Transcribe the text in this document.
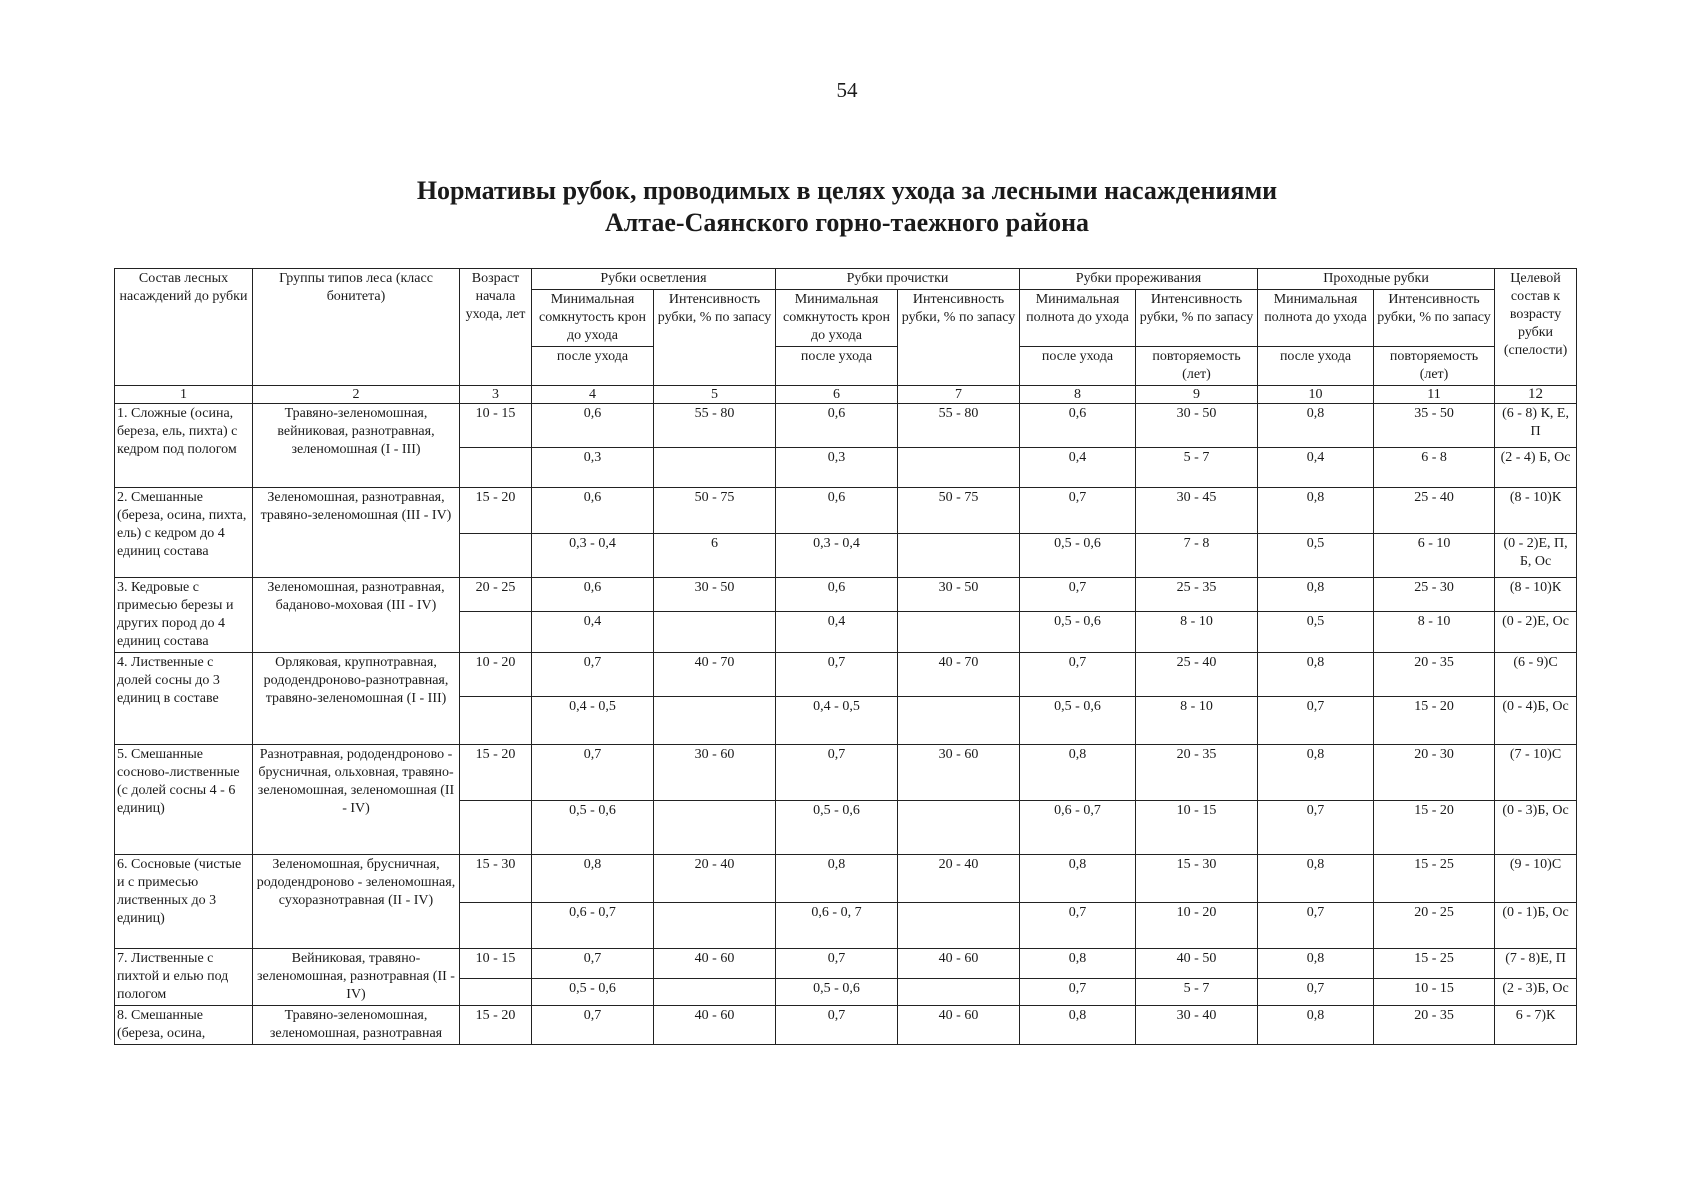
54
Нормативы рубок, проводимых в целях ухода за лесными насаждениями
Алтае-Саянского горно-таежного района
Состав лесных насаждений до рубки	Группы типов леса (класс бонитета)	Возраст начала ухода, лет	Рубки осветления		Рубки прочистки		Рубки прореживания		Проходные рубки		Целевой состав к возрасту рубки (спелости)
			Минимальная сомкнутость крон до ухода	Интенсивность рубки, % по запасу	Минимальная сомкнутость крон до ухода	Интенсивность рубки, % по запасу	Минимальная полнота до ухода	Интенсивность рубки, % по запасу	Минимальная полнота до ухода	Интенсивность рубки, % по запасу	
			после ухода		после ухода		после ухода	повторяемость (лет)	после ухода	повторяемость (лет)	
1	2	3	4	5	6	7	8	9	10	11	12
1. Сложные (осина, береза, ель, пихта) с кедром под пологом	Травяно-зеленомошная, вейниковая, разнотравная, зеленомошная (I - III)	10 - 15	0,6	55 - 80	0,6	55 - 80	0,6	30 - 50	0,8	35 - 50	(6 - 8) К, Е, П
			0,3		0,3		0,4	5 - 7	0,4	6 - 8	(2 - 4) Б, Ос
2. Смешанные (береза, осина, пихта, ель) с кедром до 4 единиц состава	Зеленомошная, разнотравная, травяно-зеленомошная (III - IV)	15 - 20	0,6	50 - 75	0,6	50 - 75	0,7	30 - 45	0,8	25 - 40	(8 - 10)К
			0,3 - 0,4	6	0,3 - 0,4		0,5 - 0,6	7 - 8	0,5	6 - 10	(0 - 2)Е, П, Б, Ос
3. Кедровые с примесью березы и других пород до 4 единиц состава	Зеленомошная, разнотравная, баданово-моховая (III - IV)	20 - 25	0,6	30 - 50	0,6	30 - 50	0,7	25 - 35	0,8	25 - 30	(8 - 10)К
			0,4		0,4		0,5 - 0,6	8 - 10	0,5	8 - 10	(0 - 2)Е, Ос
4. Лиственные с долей сосны до 3 единиц в составе	Орляковая, крупнотравная, рододендроново-разнотравная, травяно-зеленомошная (I - III)	10 - 20	0,7	40 - 70	0,7	40 - 70	0,7	25 - 40	0,8	20 - 35	(6 - 9)С
			0,4 - 0,5		0,4 - 0,5		0,5 - 0,6	8 - 10	0,7	15 - 20	(0 - 4)Б, Ос
5. Смешанные сосново-лиственные (с долей сосны 4 - 6 единиц)	Разнотравная, рододендроново - брусничная, ольховная, травяно-зеленомошная, зеленомошная (II - IV)	15 - 20	0,7	30 - 60	0,7	30 - 60	0,8	20 - 35	0,8	20 - 30	(7 - 10)С
			0,5 - 0,6		0,5 - 0,6		0,6 - 0,7	10 - 15	0,7	15 - 20	(0 - 3)Б, Ос
6. Сосновые (чистые и с примесью лиственных до 3 единиц)	Зеленомошная, брусничная, рододендроново - зеленомошная, сухоразнотравная (II - IV)	15 - 30	0,8	20 - 40	0,8	20 - 40	0,8	15 - 30	0,8	15 - 25	(9 - 10)С
			0,6 - 0,7		0,6 - 0, 7		0,7	10 - 20	0,7	20 - 25	(0 - 1)Б, Ос
7. Лиственные с пихтой и елью под пологом	Вейниковая, травяно-зеленомошная, разнотравная (II - IV)	10 - 15	0,7	40 - 60	0,7	40 - 60	0,8	40 - 50	0,8	15 - 25	(7 - 8)Е, П
			0,5 - 0,6		0,5 - 0,6		0,7	5 - 7	0,7	10 - 15	(2 - 3)Б, Ос
8. Смешанные (береза, осина,	Травяно-зеленомошная, зеленомошная, разнотравная	15 - 20	0,7	40 - 60	0,7	40 - 60	0,8	30 - 40	0,8	20 - 35	6 - 7)К
